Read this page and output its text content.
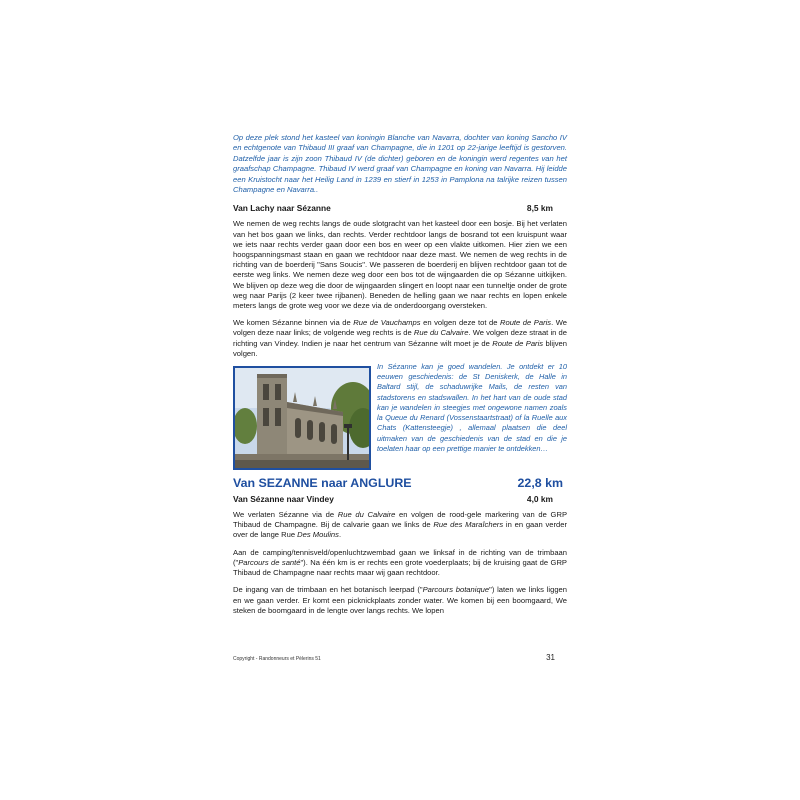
Op deze plek stond het kasteel van koningin Blanche van Navarra, dochter van koning Sancho IV en echtgenote van Thibaud III graaf van Champagne, die in 1201 op 22-jarige leeftijd is gestorven. Datzelfde jaar is zijn zoon Thibaud IV (de dichter) geboren en de koningin werd regentes van het graafschap Champagne. Thibaud IV werd graaf van Champagne en koning van Navarra. Hij leidde een Kruistocht naar het Heilig Land in 1239 en stierf in 1253 in Pamplona na talrijke reizen tussen Champagne en Navarra..

Van Lachy naar Sézanne	8,5 km

We nemen de weg rechts langs de oude slotgracht van het kasteel door een bosje. Bij het verlaten van het bos gaan we links, dan rechts. Verder rechtdoor langs de bosrand tot een kruispunt waar we iets naar rechts verder gaan door een bos en weer op een vlakte uitkomen. Hier zien we een hoogspanningsmast staan en gaan we rechtdoor naar deze mast. We nemen de weg rechts in de richting van de boerderij "Sans Soucis". We passeren de boerderij en blijven rechtdoor gaan tot de eerste weg links. We nemen deze weg door een bos tot de wijngaarden die op Sézanne uitkijken. We blijven op deze weg die door de wijngaarden slingert en loopt naar een tunneltje onder de grote weg naar Parijs (2 keer twee rijbanen). Beneden de helling gaan we naar rechts en lopen enkele meters langs de grote weg voor we deze via de onderdoorgang oversteken.

We komen Sézanne binnen via de Rue de Vauchamps en volgen deze tot de Route de Paris. We volgen deze naar links; de volgende weg rechts is de Rue du Calvaire. We volgen deze straat in de richting van Vindey. Indien je naar het centrum van Sézanne wilt moet je de Route de Paris blijven volgen.

In Sézanne kan je goed wandelen. Je ontdekt er 10 eeuwen geschiedenis: de St Deniskerk, de Halle in Baltard stijl, de schaduwrijke Mails, de resten van stadstorens en stadswallen. In het hart van de oude stad kan je wandelen in steegjes met ongewone namen zoals la Queue du Renard (Vossenstaartstraat) of la Ruelle aux Chats (Kattensteegje) , allemaal plaatsen die deel uitmaken van de geschiedenis van de stad en die je toelaten haar op een prettige manier te ontdekken…

Van SEZANNE naar ANGLURE	22,8 km
Van Sézanne naar Vindey	4,0 km

We verlaten Sézanne via de Rue du Calvaire en volgen de rood-gele markering van de GRP Thibaud de Champagne. Bij de calvarie gaan we links de Rue des Maraîchers in en gaan verder over de lange Rue Des Moulins.

Aan de camping/tennisveld/openluchtzwembad gaan we linksaf in de richting van de trimbaan ("Parcours de santé"). Na één km is er rechts een grote voederplaats; bij de kruising gaat de GRP Thibaud de Champagne naar rechts maar wij gaan rechtdoor.

De ingang van de trimbaan en het botanisch leerpad ("Parcours botanique") laten we links liggen en we gaan verder. Er komt een picknickplaats zonder water. We komen bij een boomgaard, We steken de boomgaard in de lengte over langs rechts. We lopen

Copyright - Randonneurs et Pèlerins 51	31
